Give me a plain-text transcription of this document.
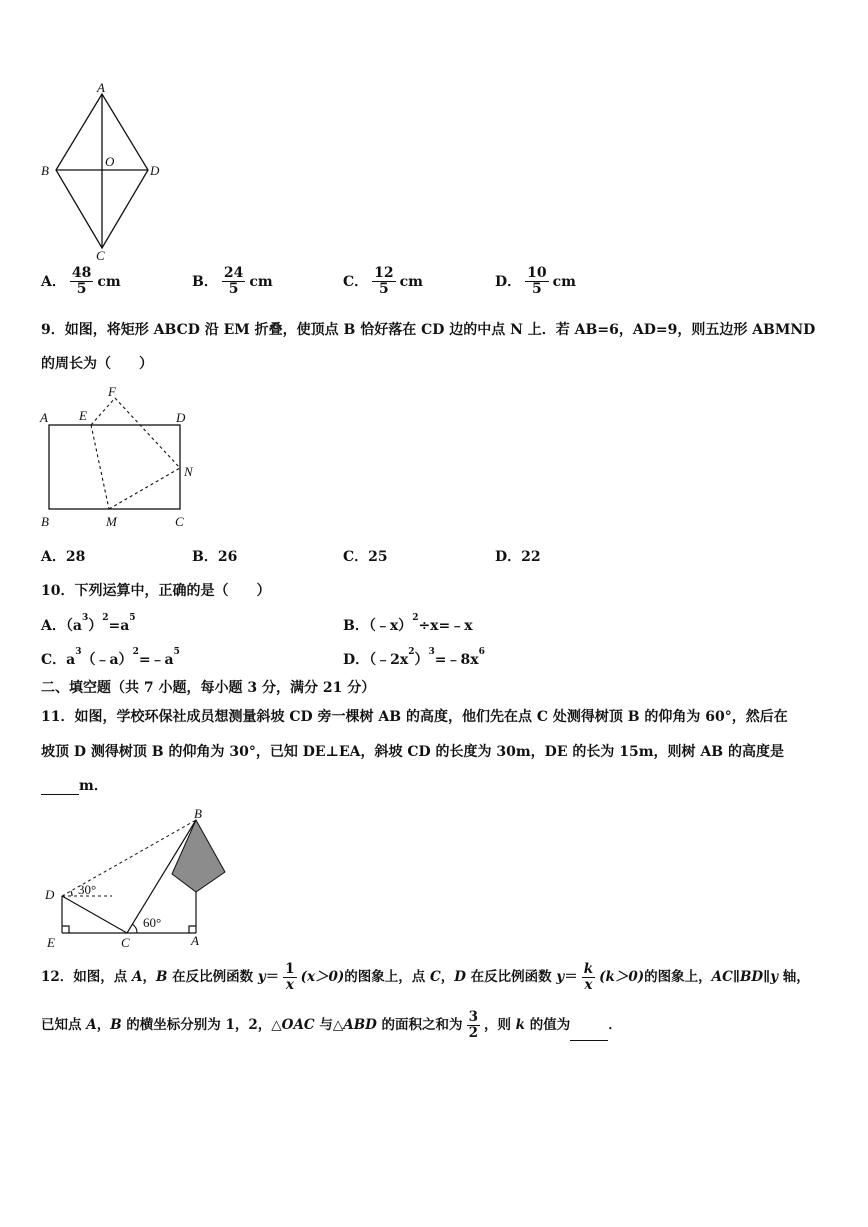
A
B
O
D
C
A． $\frac{48}{5}$ cm	B． $\frac{24}{5}$ cm	C． $\frac{12}{5}$ cm	D． $\frac{10}{5}$ cm
9．如图，将矩形 ABCD 沿 EM 折叠，使顶点 B 恰好落在 CD 边的中点 N 上．若 AB=6，AD=9，则五边形 ABMND
的周长为（　　）
A E
F
D
N
B	M	C
A．28	B．26	C．25	D．22
10．下列运算中，正确的是（　　）
A．$(a^3)^2=a^5$	B．（﹣x）$^2$÷x=﹣x
C．$a^3(﹣a)^2=﹣a^5$	D．$(﹣2x^2)^3=﹣8x^6$
二、填空题（共 7 小题，每小题 3 分，满分 21 分）
11．如图，学校环保社成员想测量斜坡 CD 旁一棵树 AB 的高度，他们先在点 C 处测得树顶 B 的仰角为 60°，然后在
坡顶 D 测得树顶 B 的仰角为 30°，已知 DE⊥EA，斜坡 CD 的长度为 30m，DE 的长为 15m，则树 AB 的高度是
m．
B
D 30°
60°
E	C	A
12．如图，点 A，B 在反比例函数 $y= \frac{1}{x} (x>0)$的图象上，点 C，D 在反比例函数 $y= \frac{k}{x} (k>0)$的图象上，AC∥BD∥y 轴，
已知点 A，B 的横坐标分别为 1，2，△OAC 与△ABD 的面积之和为 $\frac{3}{2}$ ，则 k 的值为	．
